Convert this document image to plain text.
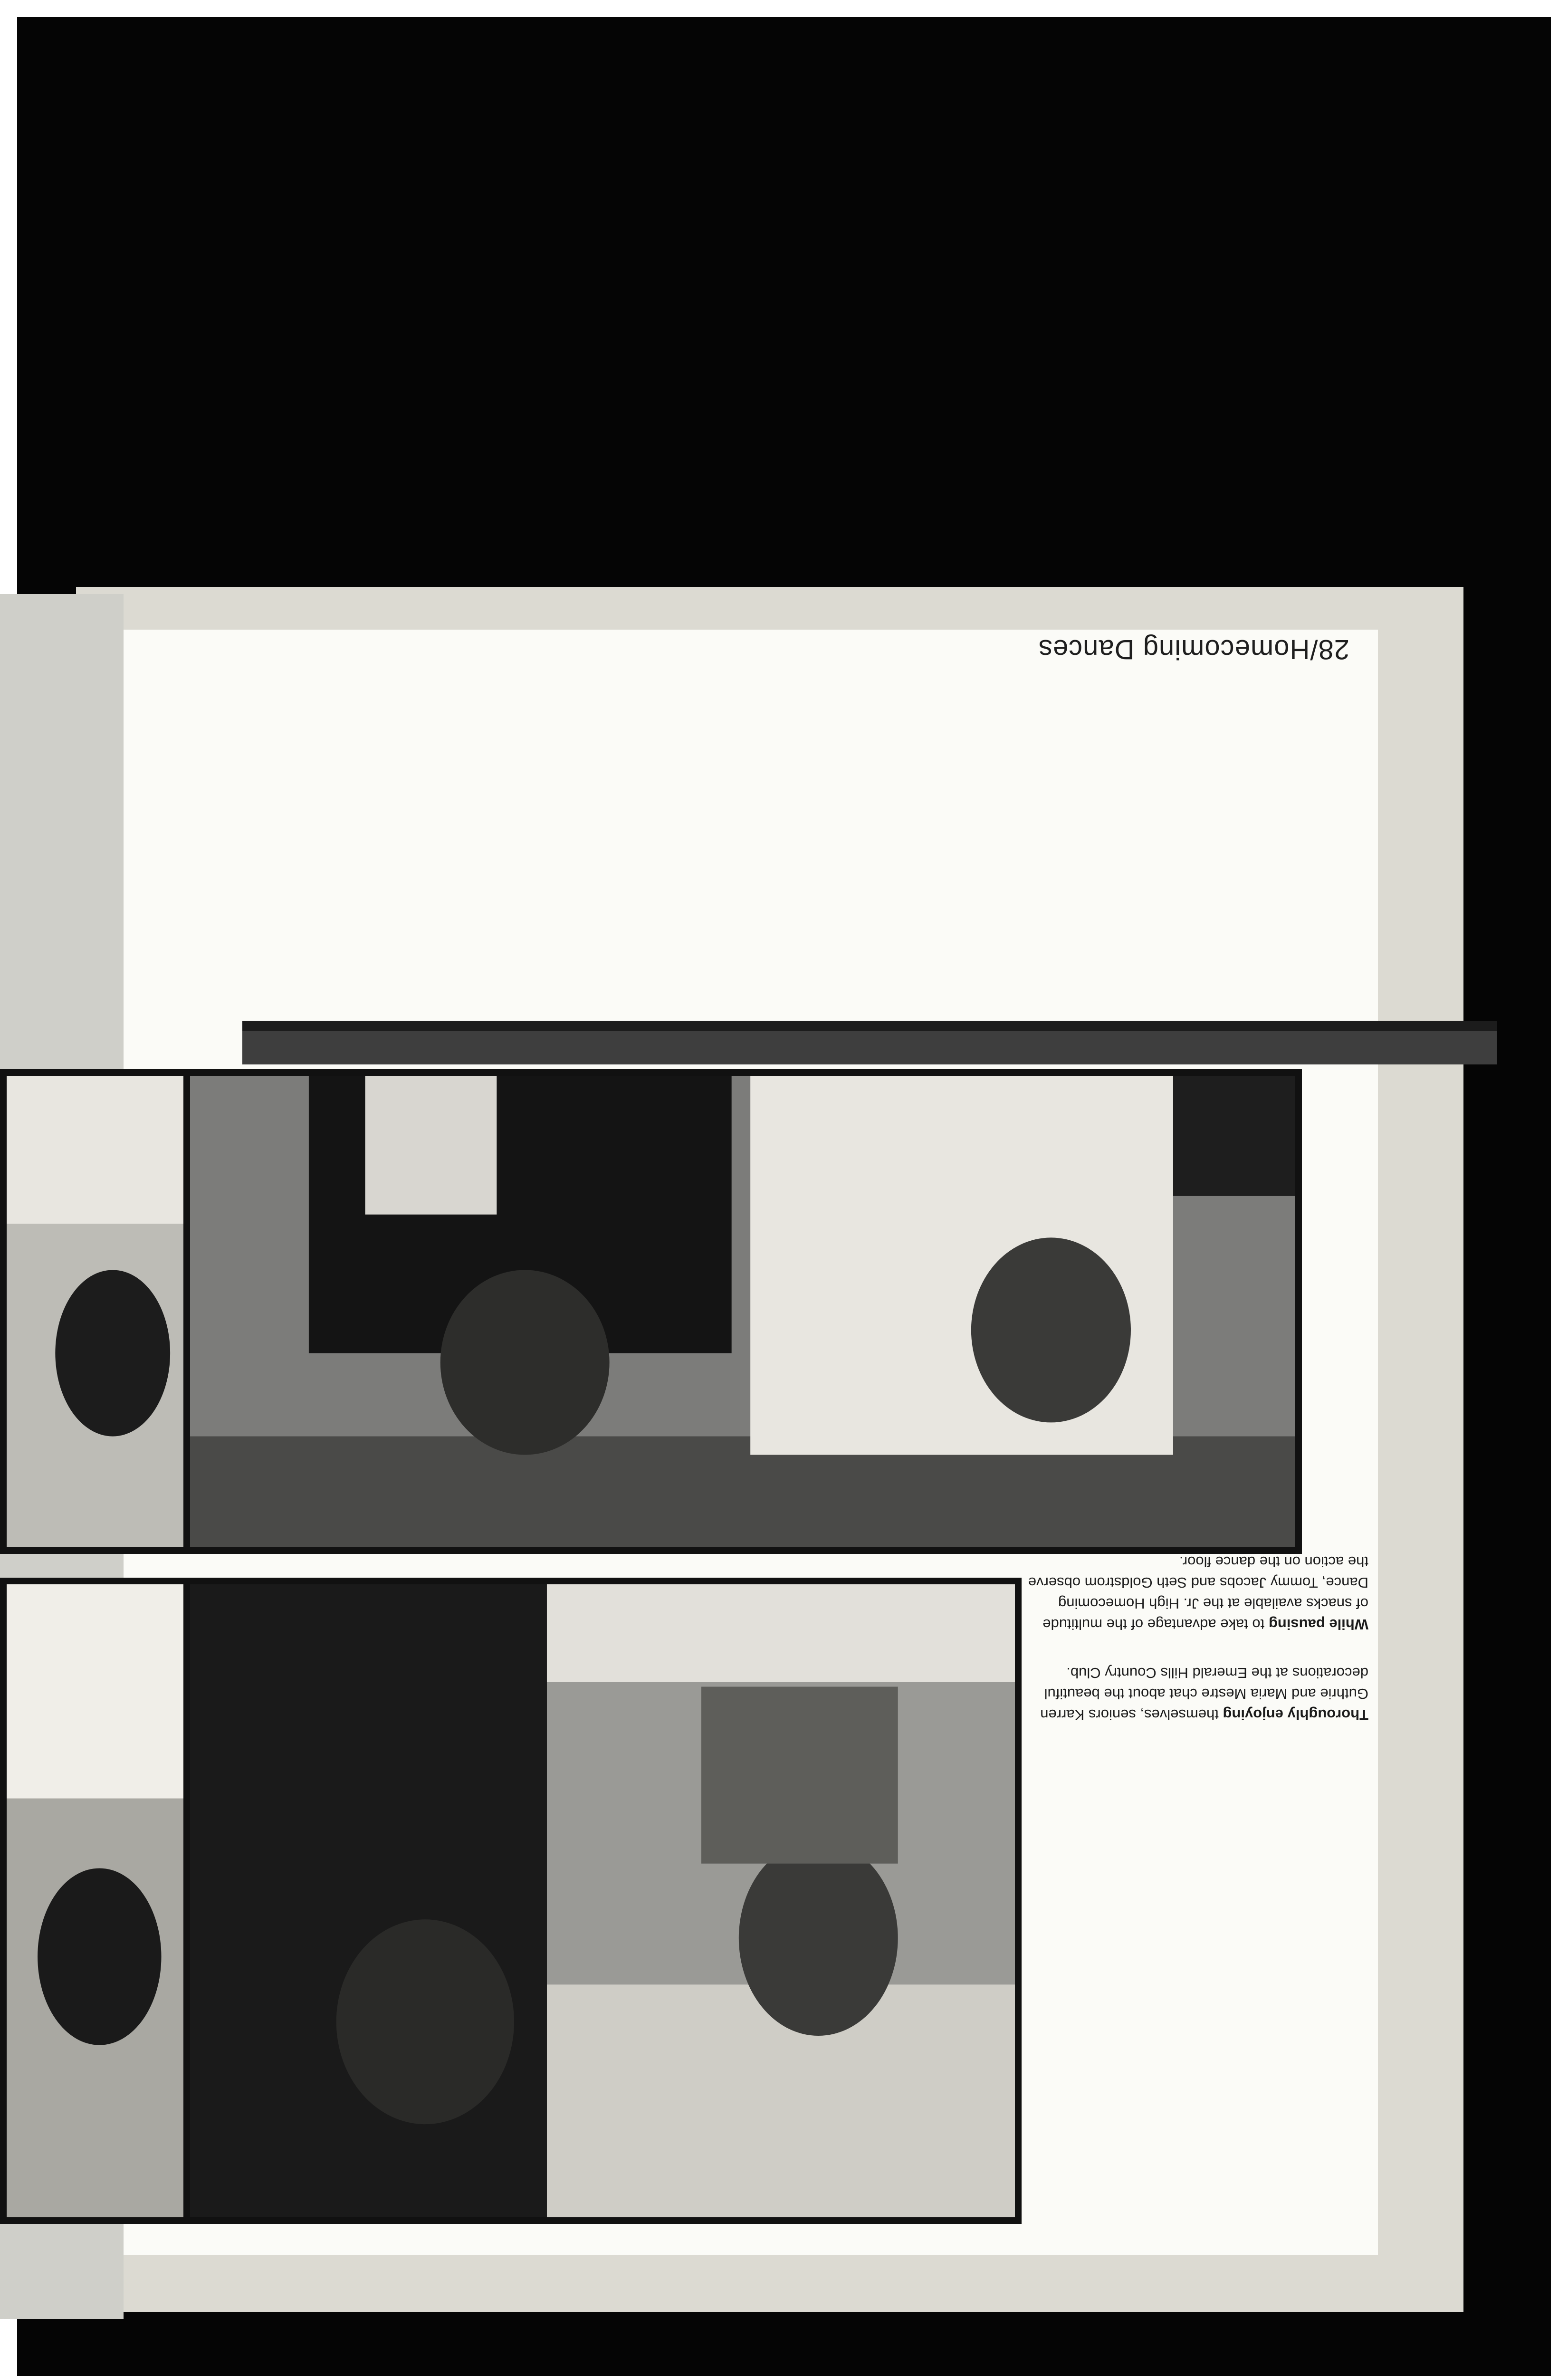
Thoroughly enjoying themselves, seniors Karren Guthrie and Maria Mestre chat about the beautiful decorations at the Emerald Hills Country Club.
While pausing to take advantage of the multitude of snacks available at the Jr. High Homecoming Dance, Tommy Jacobs and Seth Goldstrom observe the action on the dance floor.
28/Homecoming Dances
